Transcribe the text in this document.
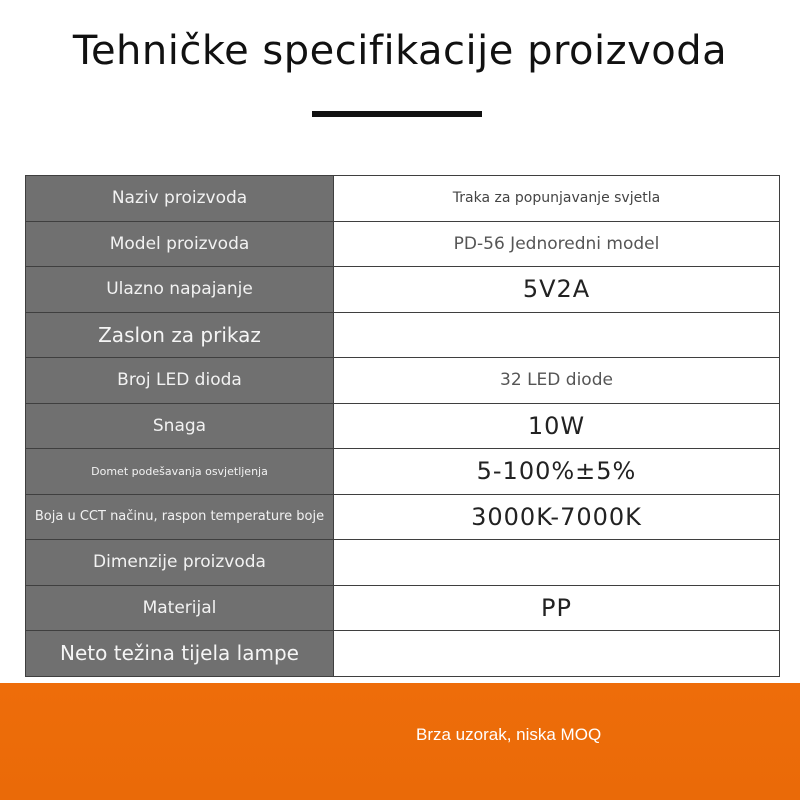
Tehničke specifikacije proizvoda
Naziv proizvoda	Traka za popunjavanje svjetla
Model proizvoda	PD-56 Jednoredni model
Ulazno napajanje	5V2A
Zaslon za prikaz
Broj LED dioda	32 LED diode
Snaga	10W
Domet podešavanja osvjetljenja	5-100%±5%
Boja u CCT načinu, raspon temperature boje	3000K-7000K
Dimenzije proizvoda
Materijal	PP
Neto težina tijela lampe
Brza uzorak, niska MOQ
